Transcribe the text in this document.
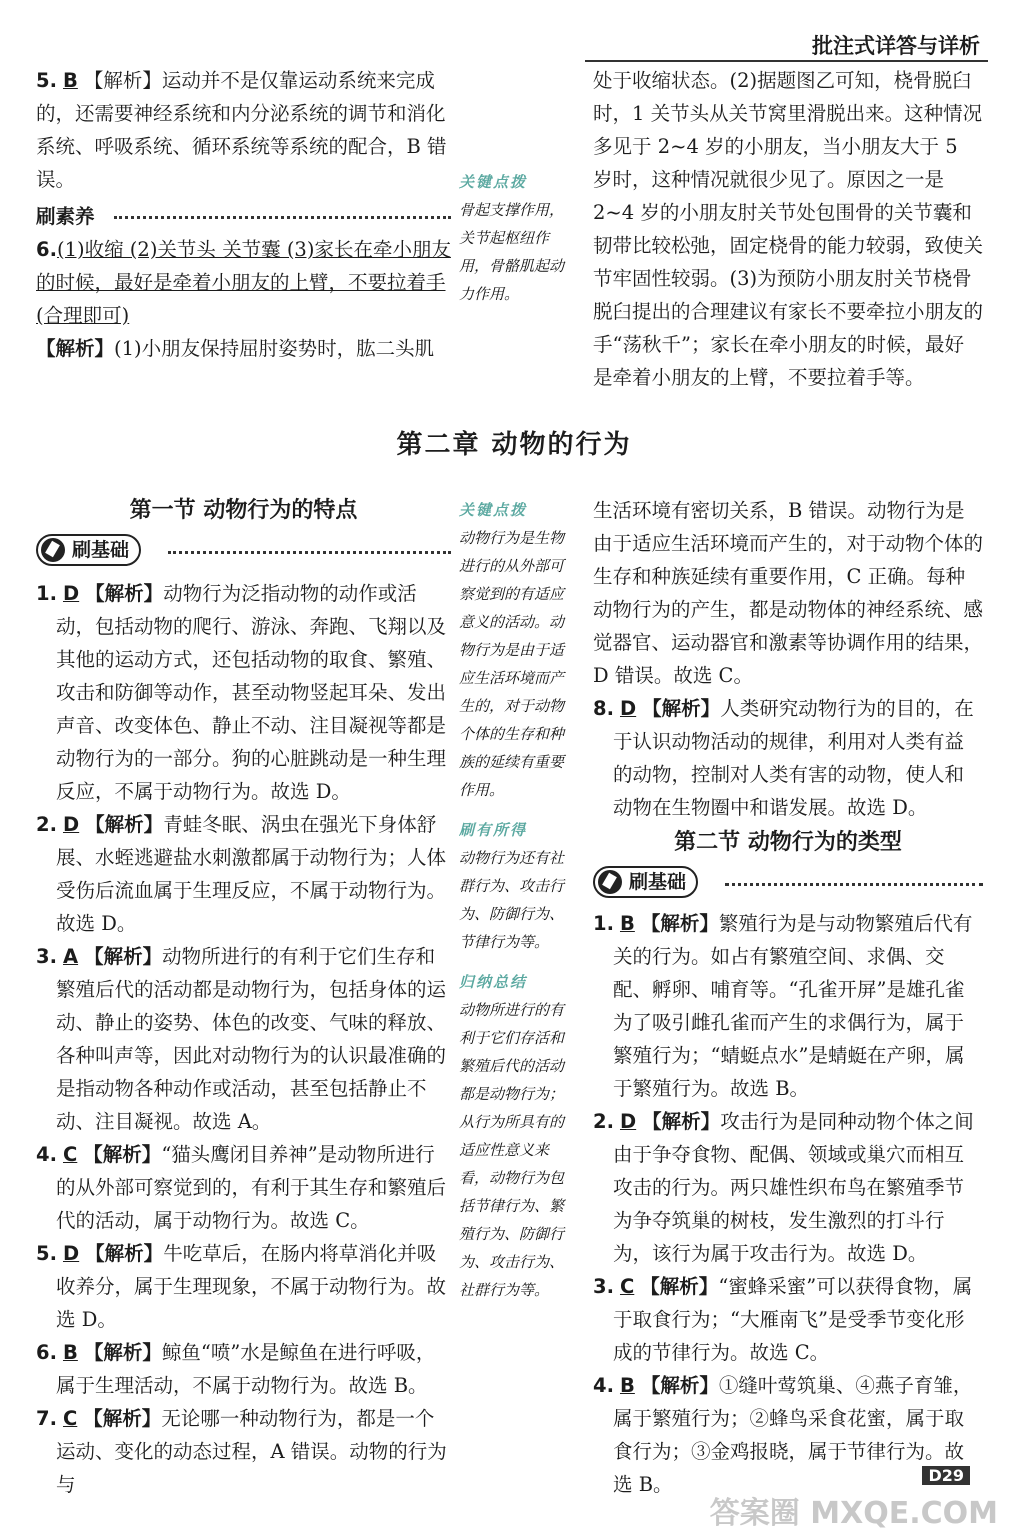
批注式详答与详析

5. B 【解析】运动并不是仅靠运动系统来完成的，还需要神经系统和内分泌系统的调节和消化系统、呼吸系统、循环系统等系统的配合，B 错误。

刷素养

6.(1)收缩 (2)关节头 关节囊 (3)家长在牵小朋友的时候，最好是牵着小朋友的上臂，不要拉着手(合理即可)

【解析】(1)小朋友保持屈肘姿势时，肱二头肌

关键点拨
骨起支撑作用，关节起枢纽作用，骨骼肌起动力作用。

处于收缩状态。(2)据题图乙可知，桡骨脱臼时，1 关节头从关节窝里滑脱出来。这种情况多见于 2~4 岁的小朋友，当小朋友大于 5 岁时，这种情况就很少见了。原因之一是 2~4 岁的小朋友肘关节处包围骨的关节囊和韧带比较松弛，固定桡骨的能力较弱，致使关节牢固性较弱。(3)为预防小朋友肘关节桡骨脱臼提出的合理建议有家长不要牵拉小朋友的手“荡秋千”；家长在牵小朋友的时候，最好是牵着小朋友的上臂，不要拉着手等。

第二章 动物的行为
第一节 动物行为的特点
刷基础

1. D 【解析】动物行为泛指动物的动作或活动，包括动物的爬行、游泳、奔跑、飞翔以及其他的运动方式，还包括动物的取食、繁殖、攻击和防御等动作，甚至动物竖起耳朵、发出声音、改变体色、静止不动、注目凝视等都是动物行为的一部分。狗的心脏跳动是一种生理反应，不属于动物行为。故选 D。

2. D 【解析】青蛙冬眠、涡虫在强光下身体舒展、水蛭逃避盐水刺激都属于动物行为；人体受伤后流血属于生理反应，不属于动物行为。故选 D。

3. A 【解析】动物所进行的有利于它们生存和繁殖后代的活动都是动物行为，包括身体的运动、静止的姿势、体色的改变、气味的释放、各种叫声等，因此对动物行为的认识最准确的是指动物各种动作或活动，甚至包括静止不动、注目凝视。故选 A。

4. C 【解析】“猫头鹰闭目养神”是动物所进行的从外部可察觉到的，有利于其生存和繁殖后代的活动，属于动物行为。故选 C。

5. D 【解析】牛吃草后，在肠内将草消化并吸收养分，属于生理现象，不属于动物行为。故选 D。

6. B 【解析】鲸鱼“喷”水是鲸鱼在进行呼吸，属于生理活动，不属于动物行为。故选 B。

7. C 【解析】无论哪一种动物行为，都是一个运动、变化的动态过程，A 错误。动物的行为与

关键点拨
动物行为是生物进行的从外部可察觉到的有适应意义的活动。动物行为是由于适应生活环境而产生的，对于动物个体的生存和种族的延续有重要作用。
刷有所得
动物行为还有社群行为、攻击行为、防御行为、节律行为等。
归纳总结
动物所进行的有利于它们存活和繁殖后代的活动都是动物行为；从行为所具有的适应性意义来看，动物行为包括节律行为、繁殖行为、防御行为、攻击行为、社群行为等。

生活环境有密切关系，B 错误。动物行为是由于适应生活环境而产生的，对于动物个体的生存和种族延续有重要作用，C 正确。每种动物行为的产生，都是动物体的神经系统、感觉器官、运动器官和激素等协调作用的结果，D 错误。故选 C。

8. D 【解析】人类研究动物行为的目的，在于认识动物活动的规律，利用对人类有益的动物，控制对人类有害的动物，使人和动物在生物圈中和谐发展。故选 D。

第二节 动物行为的类型
刷基础

1. B 【解析】繁殖行为是与动物繁殖后代有关的行为。如占有繁殖空间、求偶、交配、孵卵、哺育等。“孔雀开屏”是雄孔雀为了吸引雌孔雀而产生的求偶行为，属于繁殖行为；“蜻蜓点水”是蜻蜓在产卵，属于繁殖行为。故选 B。

2. D 【解析】攻击行为是同种动物个体之间由于争夺食物、配偶、领域或巢穴而相互攻击的行为。两只雄性织布鸟在繁殖季节为争夺筑巢的树枝，发生激烈的打斗行为，该行为属于攻击行为。故选 D。

3. C 【解析】“蜜蜂采蜜”可以获得食物，属于取食行为；“大雁南飞”是受季节变化形成的节律行为。故选 C。

4. B 【解析】①缝叶莺筑巢、④燕子育雏，属于繁殖行为；②蜂鸟采食花蜜，属于取食行为；③金鸡报晓，属于节律行为。故选 B。	D29
答案圈 MXQE.COM
